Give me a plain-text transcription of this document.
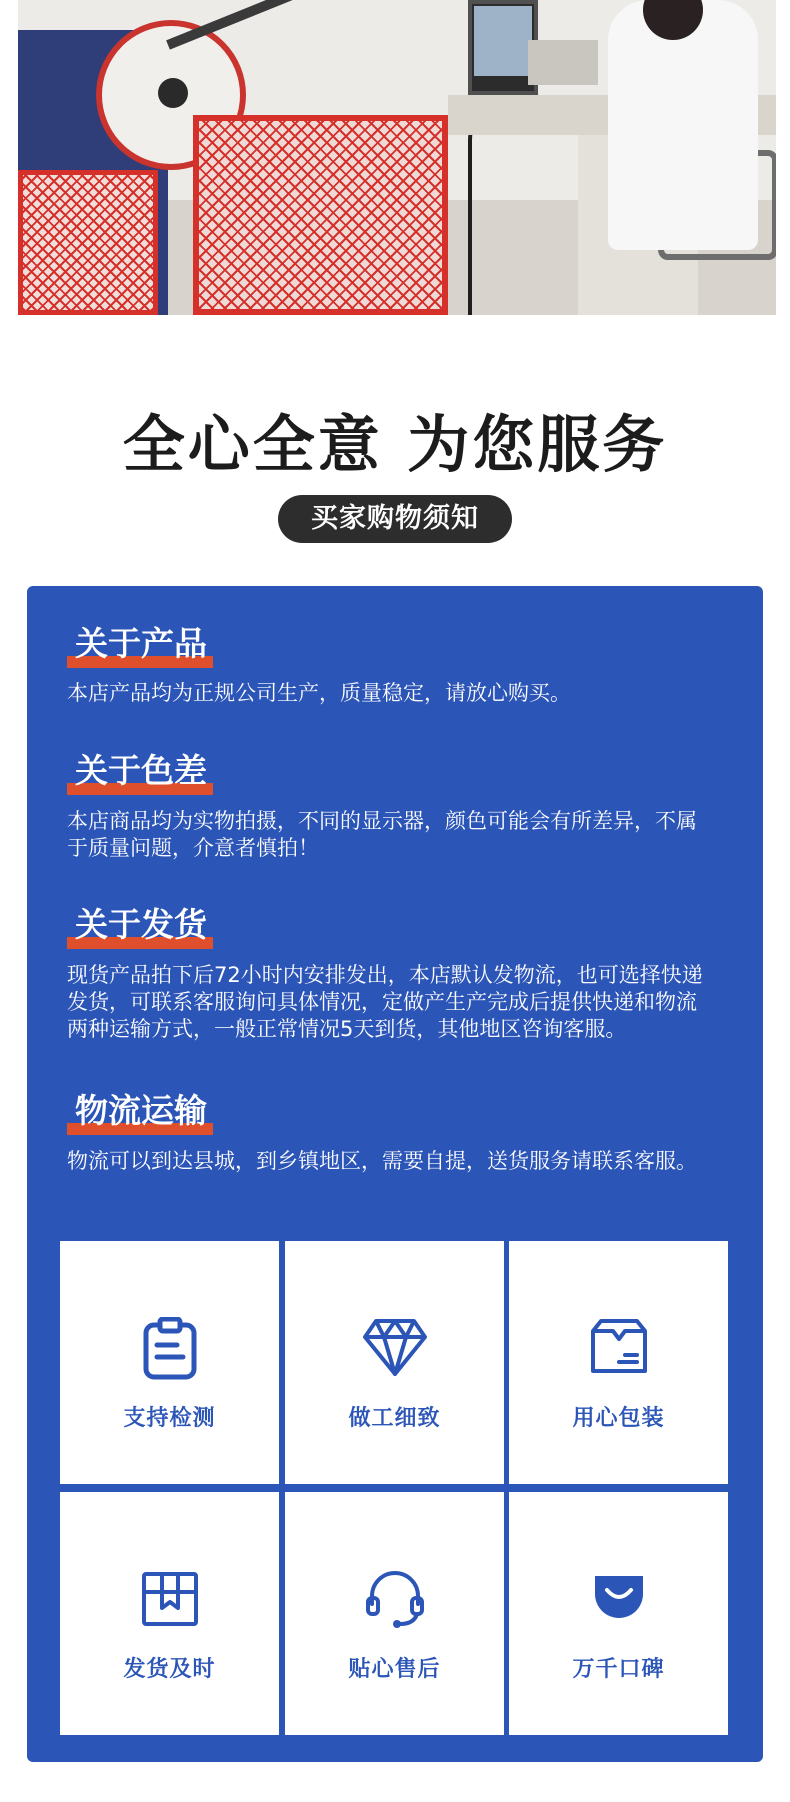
全心全意 为您服务
买家购物须知
关于产品
本店产品均为正规公司生产，质量稳定，请放心购买。
关于色差
本店商品均为实物拍摄，不同的显示器，颜色可能会有所差异，不属于质量问题，介意者慎拍！
关于发货
现货产品拍下后72小时内安排发出，本店默认发物流，也可选择快递发货，可联系客服询问具体情况，定做产生产完成后提供快递和物流两种运输方式，一般正常情况5天到货，其他地区咨询客服。
物流运输
物流可以到达县城，到乡镇地区，需要自提，送货服务请联系客服。
支持检测	做工细致	用心包装
发货及时	贴心售后	万千口碑
